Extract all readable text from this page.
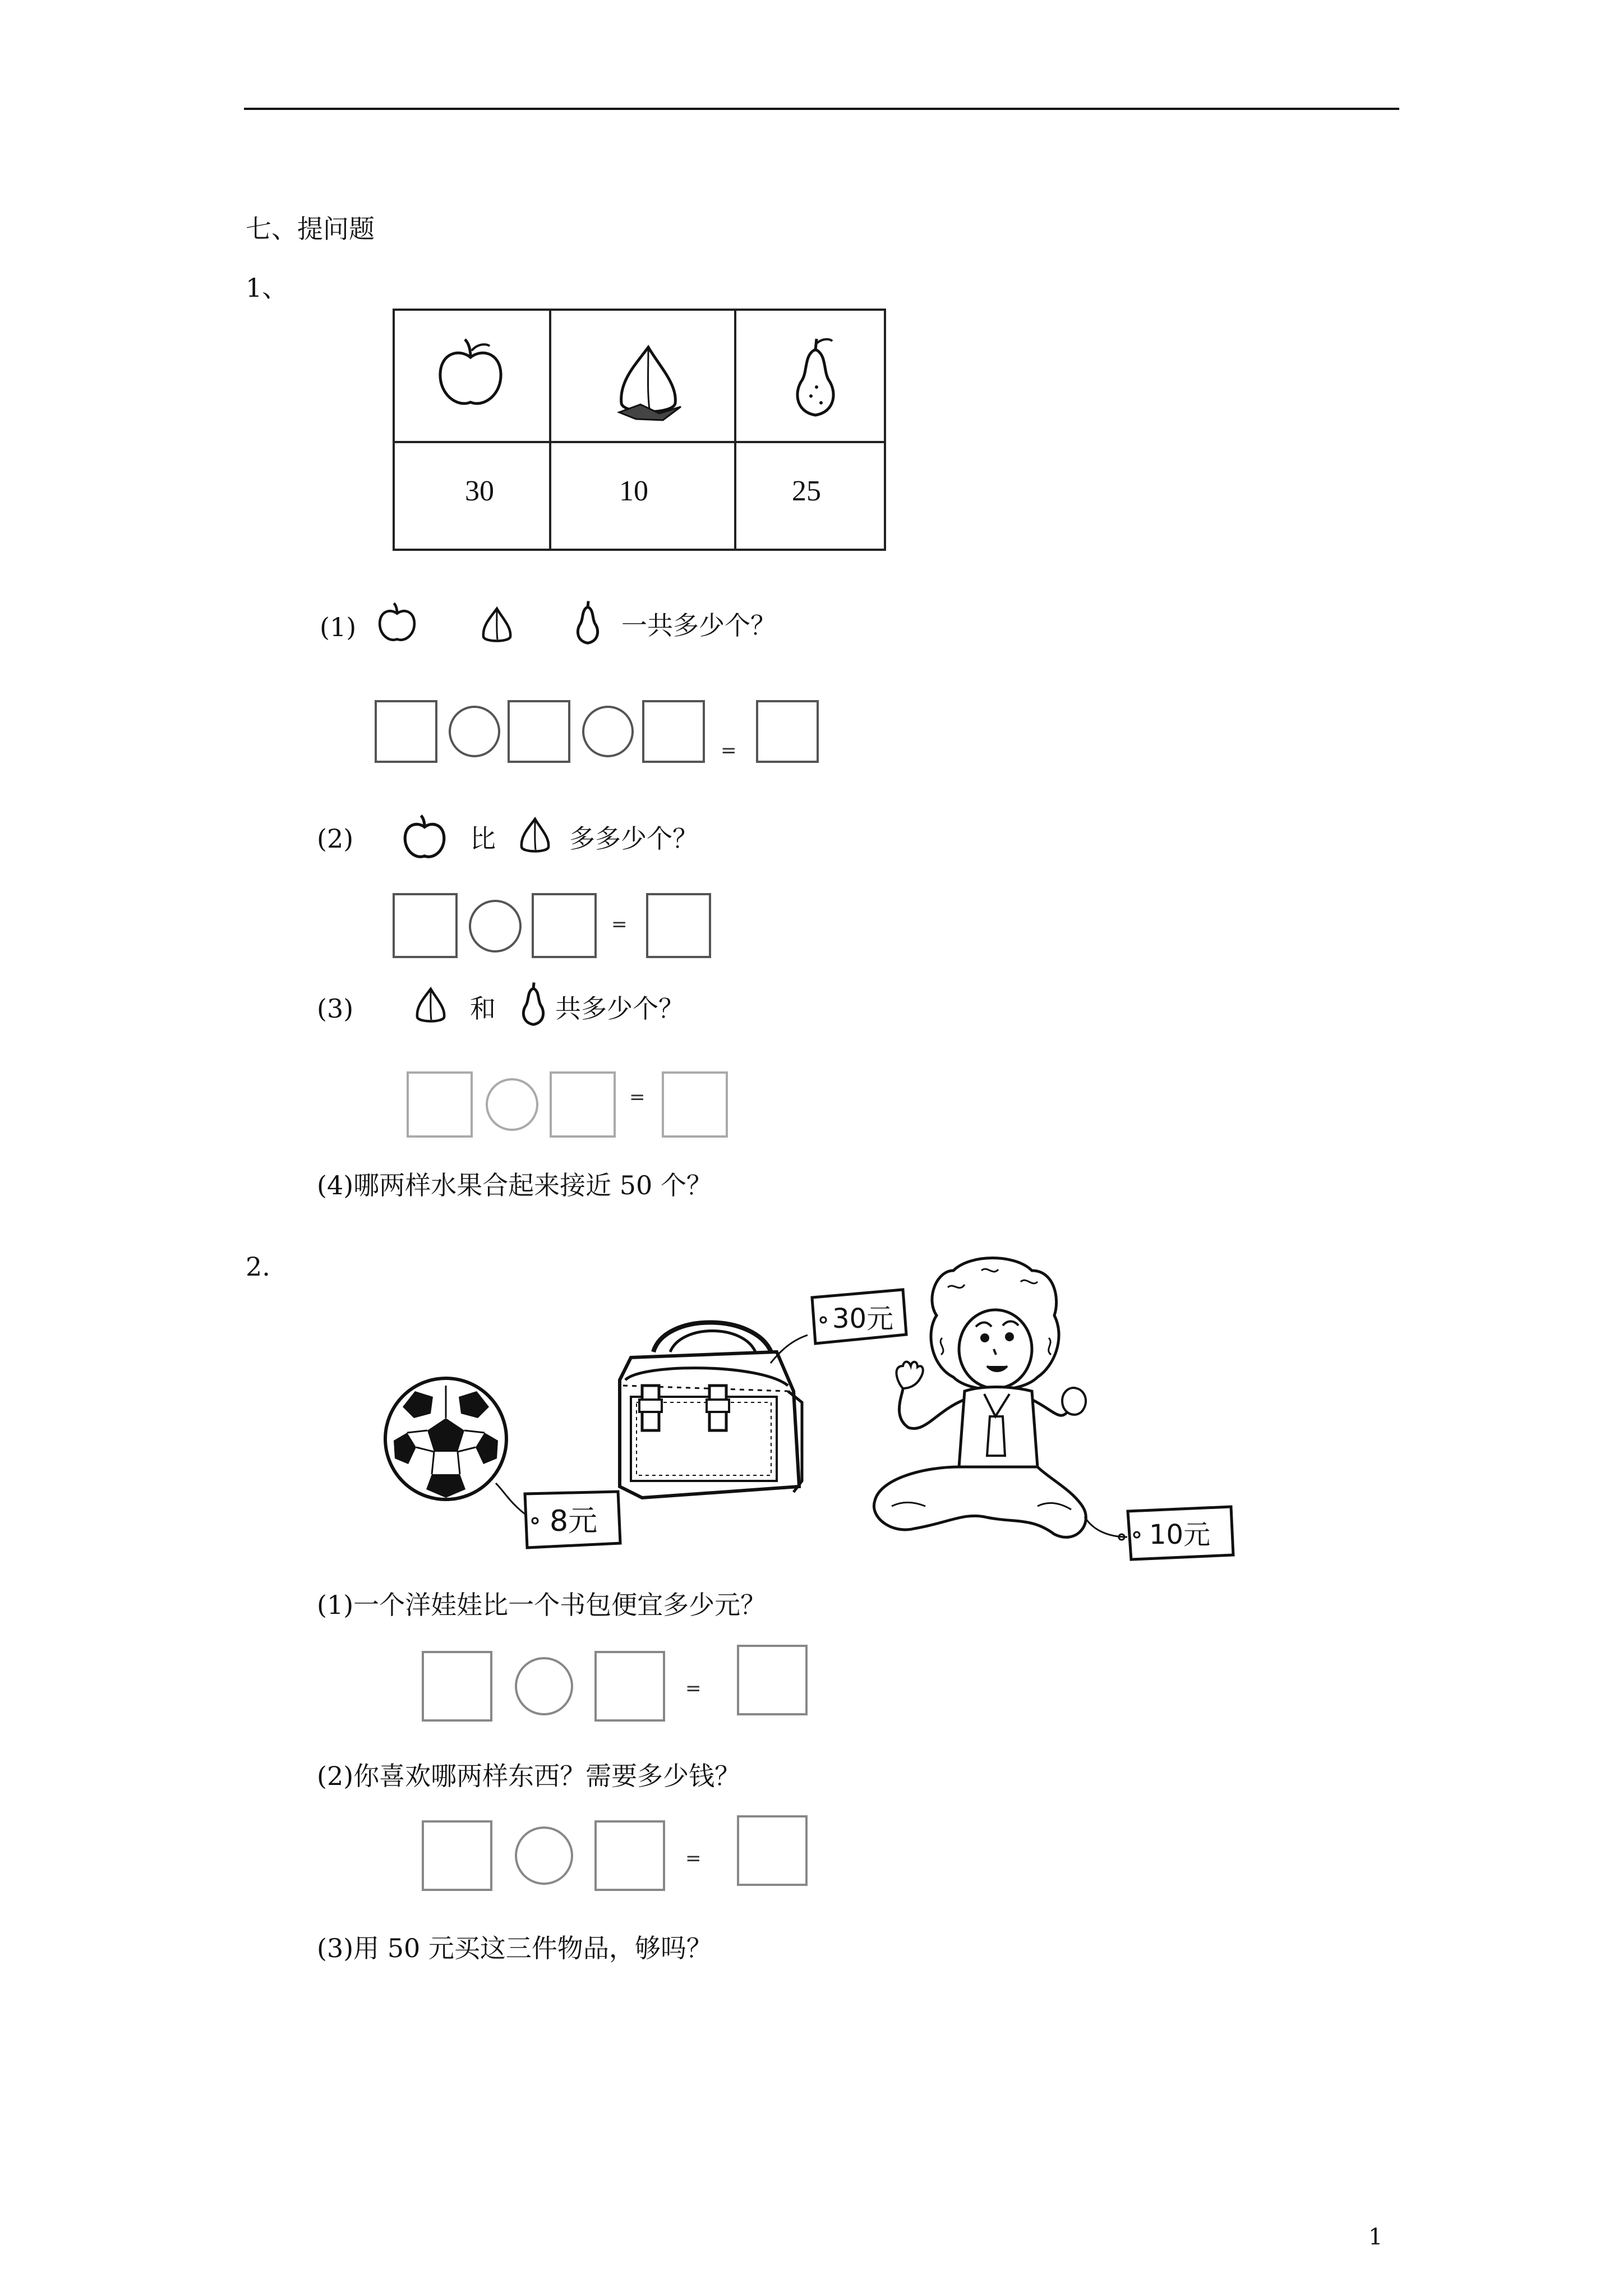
七、提问题
1、
30	10	25
(1)	一共多少个？
=
(2)	比	多多少个？
=
(3)	和 共多少个？
=
(4)哪两样水果合起来接近 50 个？
2.
8元
30元
10元
(1)一个洋娃娃比一个书包便宜多少元？
=
(2)你喜欢哪两样东西？需要多少钱？
=
(3)用 50 元买这三件物品，够吗？
1
